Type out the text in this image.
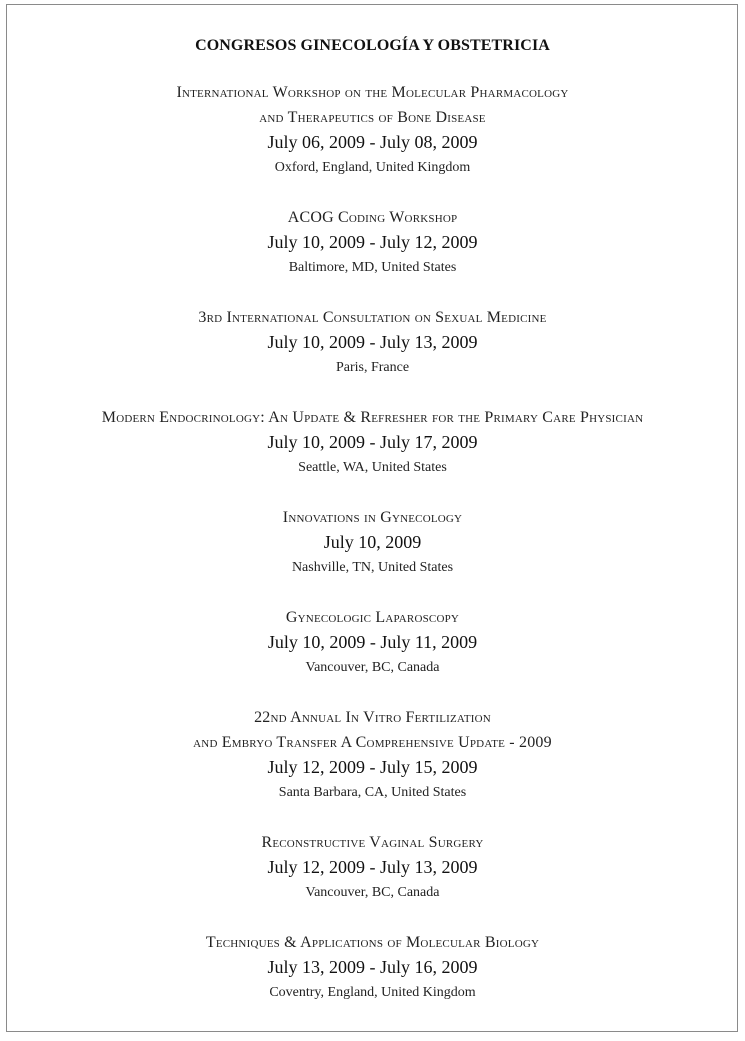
CONGRESOS GINECOLOGÍA Y OBSTETRICIA
International Workshop on the Molecular Pharmacology
and Therapeutics of Bone Disease
July 06, 2009 - July 08, 2009
Oxford, England, United Kingdom
ACOG Coding Workshop
July 10, 2009 - July 12, 2009
Baltimore, MD, United States
3rd International Consultation on Sexual Medicine
July 10, 2009 - July 13, 2009
Paris, France
Modern Endocrinology: An Update & Refresher for the Primary Care Physician
July 10, 2009 - July 17, 2009
Seattle, WA, United States
Innovations in Gynecology
July 10, 2009
Nashville, TN, United States
Gynecologic Laparoscopy
July 10, 2009 - July 11, 2009
Vancouver, BC, Canada
22nd Annual In Vitro Fertilization
and Embryo Transfer A Comprehensive Update - 2009
July 12, 2009 - July 15, 2009
Santa Barbara, CA, United States
Reconstructive Vaginal Surgery
July 12, 2009 - July 13, 2009
Vancouver, BC, Canada
Techniques & Applications of Molecular Biology
July 13, 2009 - July 16, 2009
Coventry, England, United Kingdom
